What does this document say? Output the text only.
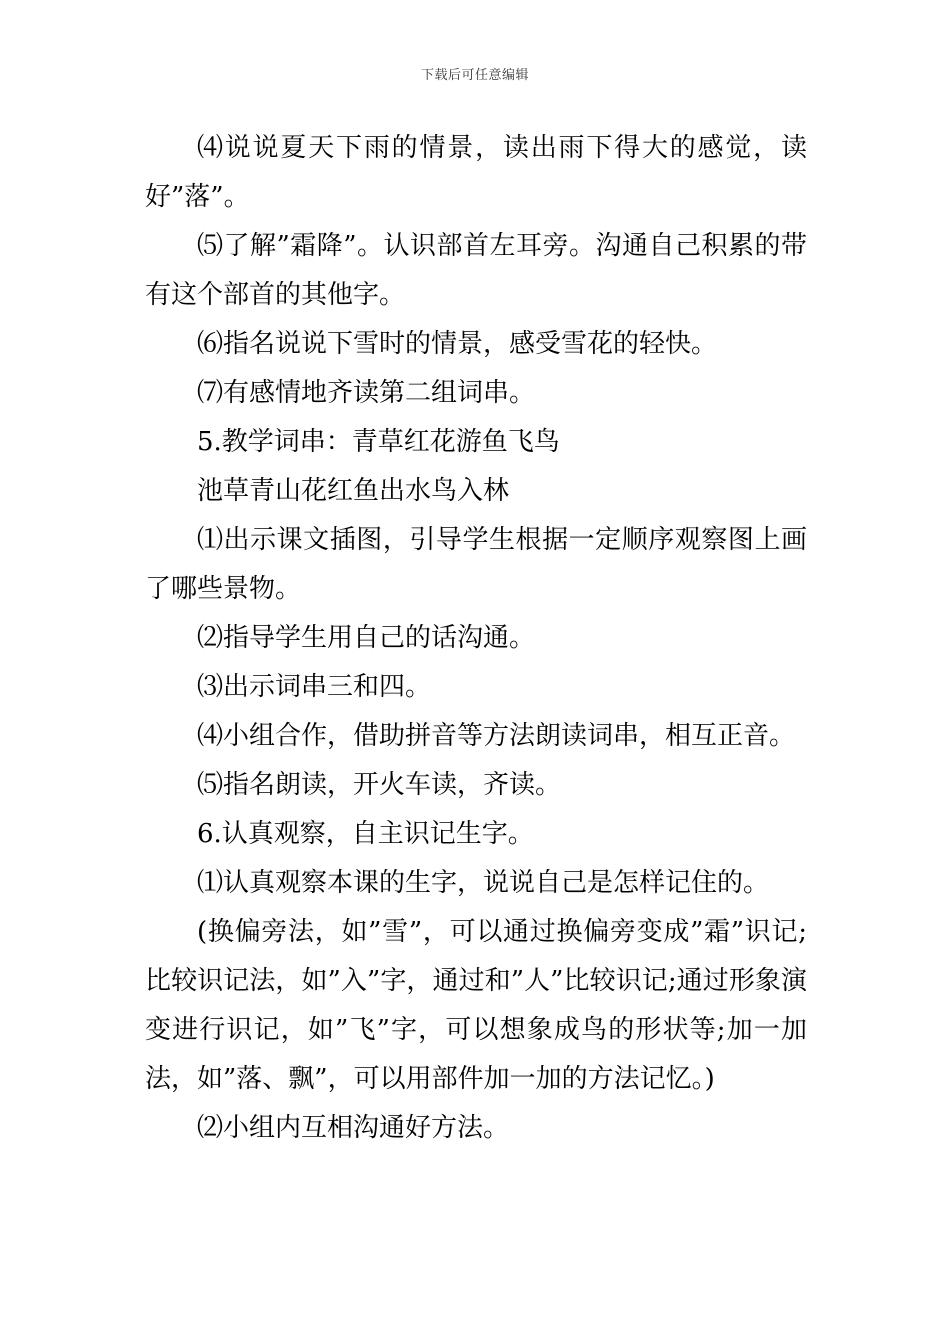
下载后可任意编辑

⑷说说夏天下雨的情景，读出雨下得大的感觉，读好”落”。

⑸了解”霜降”。认识部首左耳旁。沟通自己积累的带有这个部首的其他字。

⑹指名说说下雪时的情景，感受雪花的轻快。

⑺有感情地齐读第二组词串。

5.教学词串：青草红花游鱼飞鸟

池草青山花红鱼出水鸟入林

⑴出示课文插图，引导学生根据一定顺序观察图上画了哪些景物。

⑵指导学生用自己的话沟通。

⑶出示词串三和四。

⑷小组合作，借助拼音等方法朗读词串，相互正音。

⑸指名朗读，开火车读，齐读。

6.认真观察，自主识记生字。

⑴认真观察本课的生字，说说自己是怎样记住的。

(换偏旁法，如”雪”，可以通过换偏旁变成”霜”识记;比较识记法，如”入”字，通过和”人”比较识记;通过形象演变进行识记，如”飞”字，可以想象成鸟的形状等;加一加法，如”落、飘”，可以用部件加一加的方法记忆。)

⑵小组内互相沟通好方法。
